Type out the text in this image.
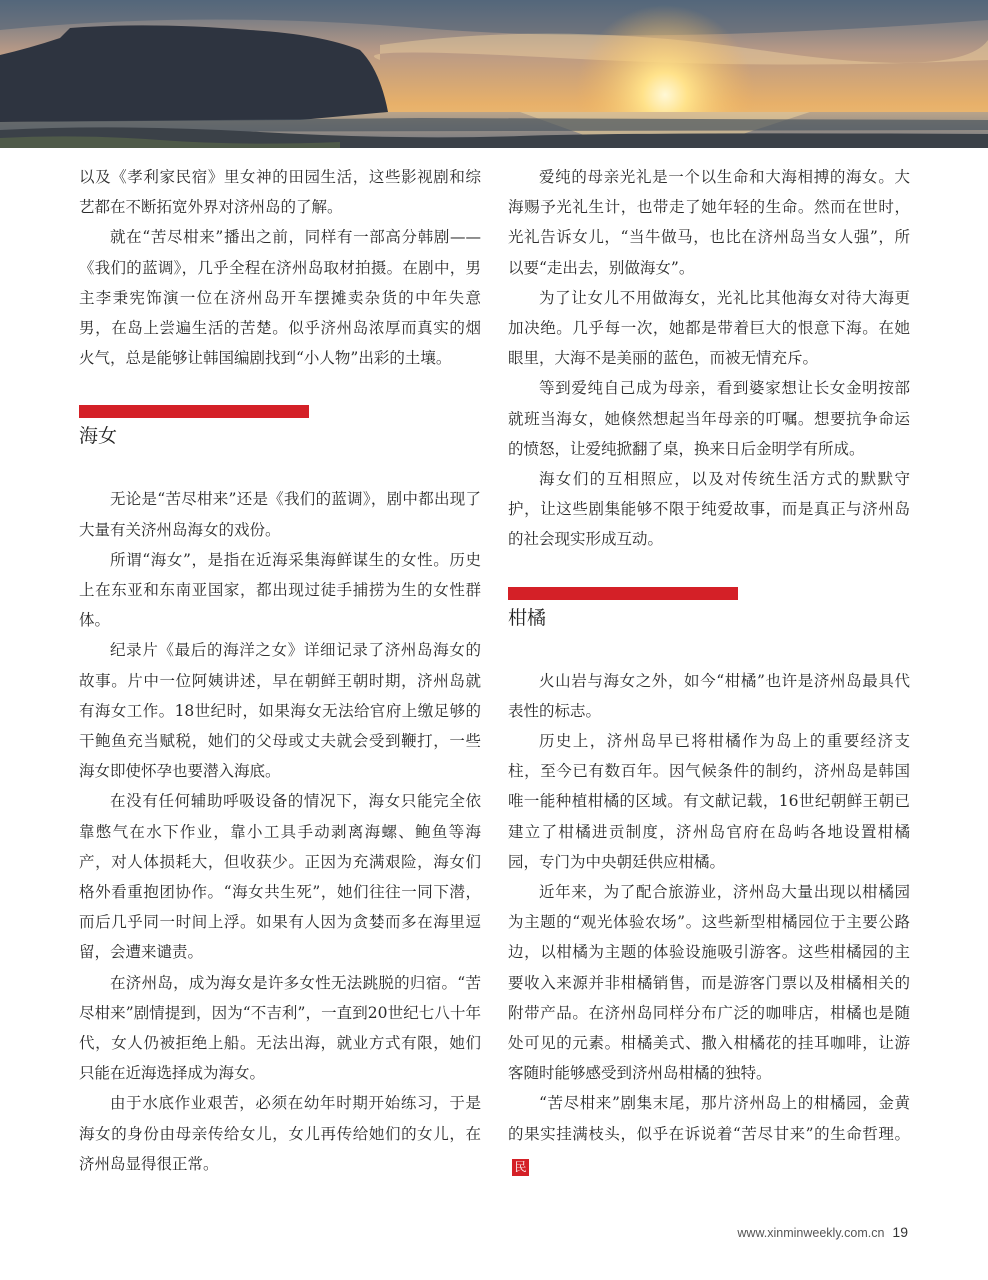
以及《孝利家民宿》里女神的田园生活，这些影视剧和综艺都在不断拓宽外界对济州岛的了解。

就在“苦尽柑来”播出之前，同样有一部高分韩剧——《我们的蓝调》，几乎全程在济州岛取材拍摄。在剧中，男主李秉宪饰演一位在济州岛开车摆摊卖杂货的中年失意男，在岛上尝遍生活的苦楚。似乎济州岛浓厚而真实的烟火气，总是能够让韩国编剧找到“小人物”出彩的土壤。

海女

无论是“苦尽柑来”还是《我们的蓝调》，剧中都出现了大量有关济州岛海女的戏份。

所谓“海女”，是指在近海采集海鲜谋生的女性。历史上在东亚和东南亚国家，都出现过徒手捕捞为生的女性群体。

纪录片《最后的海洋之女》详细记录了济州岛海女的故事。片中一位阿姨讲述，早在朝鲜王朝时期，济州岛就有海女工作。18世纪时，如果海女无法给官府上缴足够的干鲍鱼充当赋税，她们的父母或丈夫就会受到鞭打，一些海女即使怀孕也要潜入海底。

在没有任何辅助呼吸设备的情况下，海女只能完全依靠憋气在水下作业，靠小工具手动剥离海螺、鲍鱼等海产，对人体损耗大，但收获少。正因为充满艰险，海女们格外看重抱团协作。“海女共生死”，她们往往一同下潜，而后几乎同一时间上浮。如果有人因为贪婪而多在海里逗留，会遭来谴责。

在济州岛，成为海女是许多女性无法跳脱的归宿。“苦尽柑来”剧情提到，因为“不吉利”，一直到20世纪七八十年代，女人仍被拒绝上船。无法出海，就业方式有限，她们只能在近海选择成为海女。

由于水底作业艰苦，必须在幼年时期开始练习，于是海女的身份由母亲传给女儿，女儿再传给她们的女儿，在济州岛显得很正常。

爱纯的母亲光礼是一个以生命和大海相搏的海女。大海赐予光礼生计，也带走了她年轻的生命。然而在世时，光礼告诉女儿，“当牛做马，也比在济州岛当女人强”，所以要“走出去，别做海女”。

为了让女儿不用做海女，光礼比其他海女对待大海更加决绝。几乎每一次，她都是带着巨大的恨意下海。在她眼里，大海不是美丽的蓝色，而被无情充斥。

等到爱纯自己成为母亲，看到婆家想让长女金明按部就班当海女，她倏然想起当年母亲的叮嘱。想要抗争命运的愤怒，让爱纯掀翻了桌，换来日后金明学有所成。

海女们的互相照应，以及对传统生活方式的默默守护，让这些剧集能够不限于纯爱故事，而是真正与济州岛的社会现实形成互动。

柑橘

火山岩与海女之外，如今“柑橘”也许是济州岛最具代表性的标志。

历史上，济州岛早已将柑橘作为岛上的重要经济支柱，至今已有数百年。因气候条件的制约，济州岛是韩国唯一能种植柑橘的区域。有文献记载，16世纪朝鲜王朝已建立了柑橘进贡制度，济州岛官府在岛屿各地设置柑橘园，专门为中央朝廷供应柑橘。

近年来，为了配合旅游业，济州岛大量出现以柑橘园为主题的“观光体验农场”。这些新型柑橘园位于主要公路边，以柑橘为主题的体验设施吸引游客。这些柑橘园的主要收入来源并非柑橘销售，而是游客门票以及柑橘相关的附带产品。在济州岛同样分布广泛的咖啡店，柑橘也是随处可见的元素。柑橘美式、撒入柑橘花的挂耳咖啡，让游客随时能够感受到济州岛柑橘的独特。

“苦尽柑来”剧集末尾，那片济州岛上的柑橘园，金黄的果实挂满枝头，似乎在诉说着“苦尽甘来”的生命哲理。民

www.xinminweekly.com.cn 19
